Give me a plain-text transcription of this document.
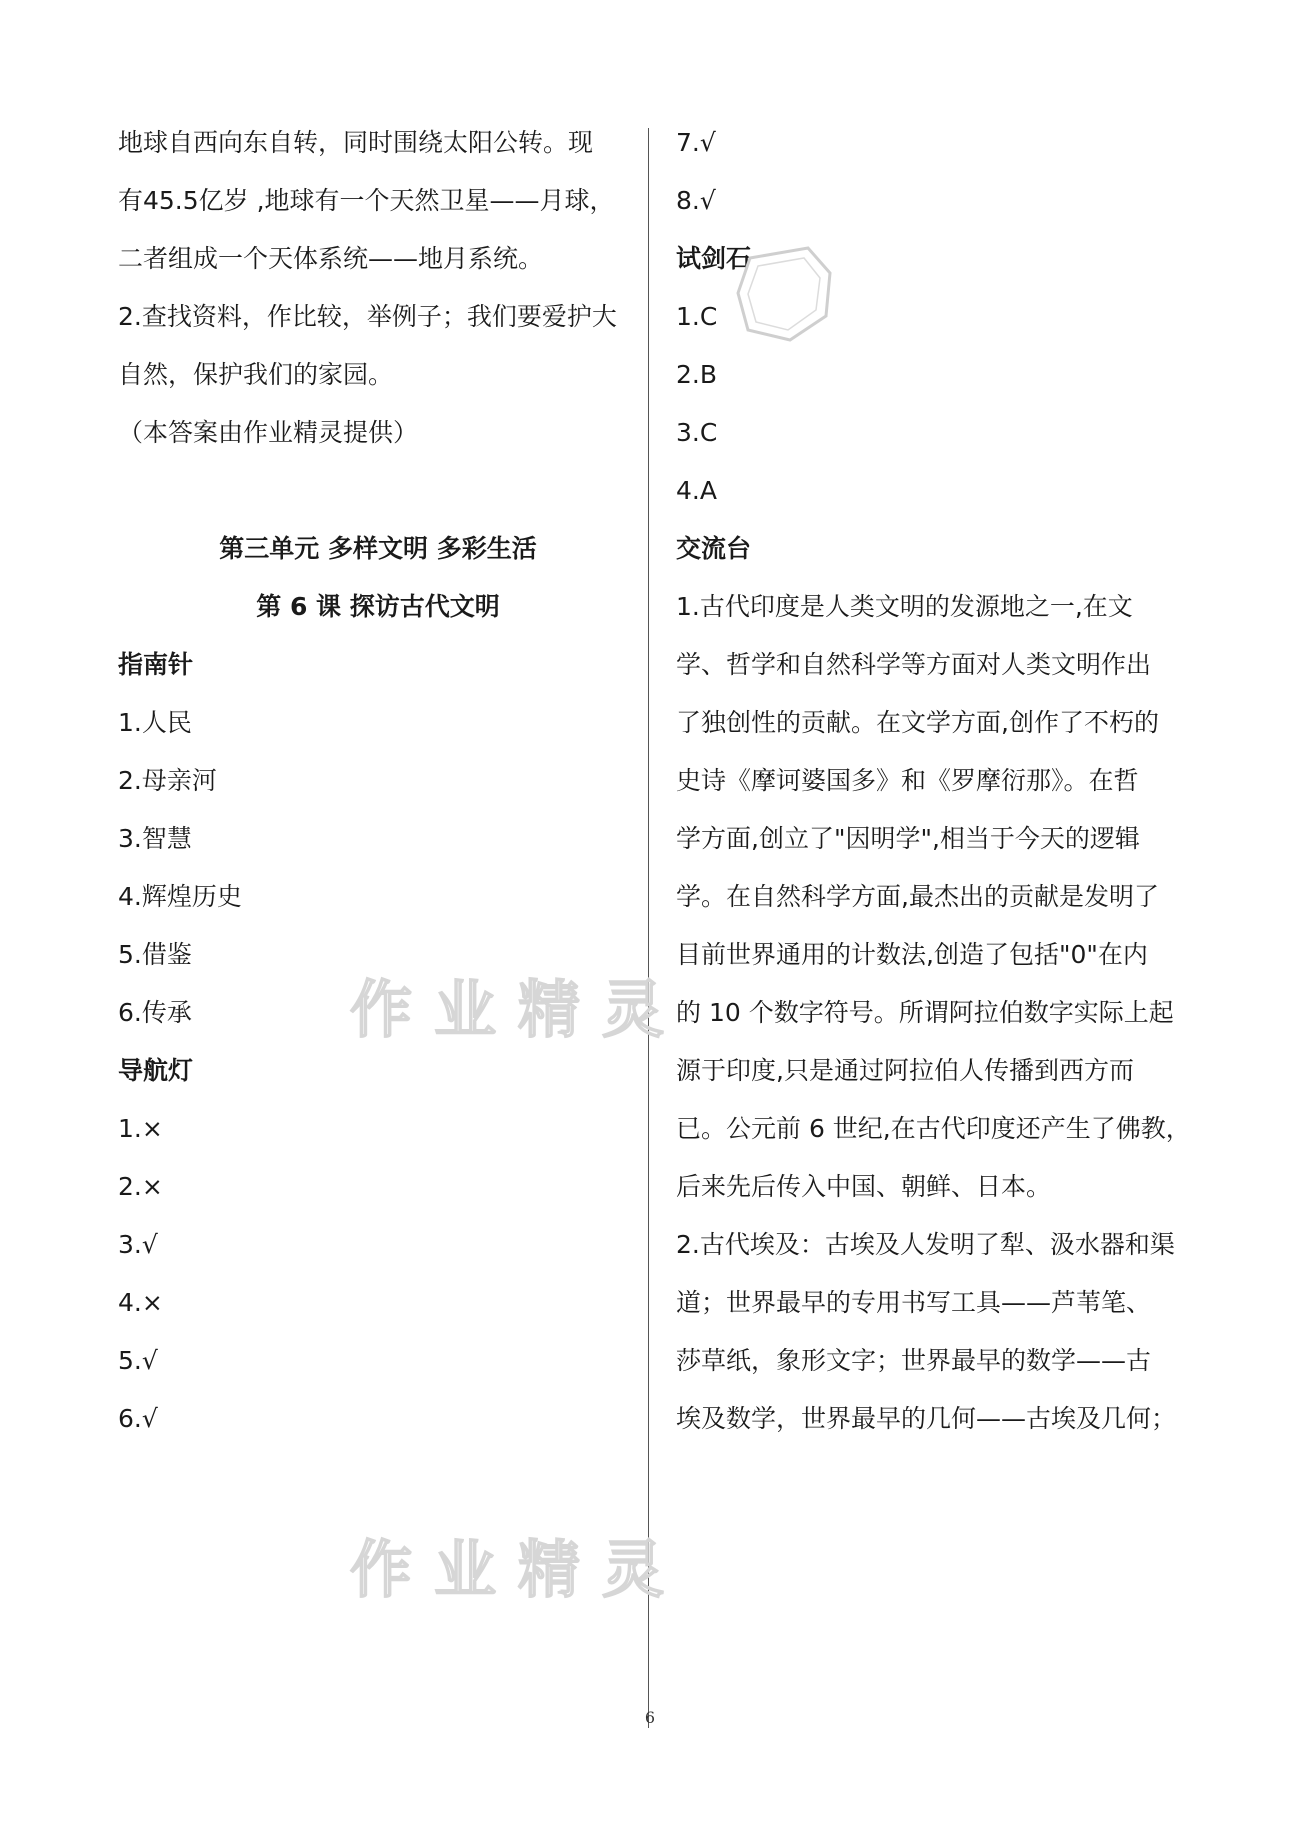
地球自西向东自转，同时围绕太阳公转。现
有45.5亿岁 ,地球有一个天然卫星——月球，
二者组成一个天体系统——地月系统。
2.查找资料，作比较，举例子；我们要爱护大
自然，保护我们的家园。
（本答案由作业精灵提供）
第三单元 多样文明 多彩生活
第 6 课 探访古代文明
指南针
1.人民
2.母亲河
3.智慧
4.辉煌历史
5.借鉴
6.传承
导航灯
1.×
2.×
3.√
4.×
5.√
6.√
7.√
8.√
试剑石
1.C
2.B
3.C
4.A
交流台
1.古代印度是人类文明的发源地之一,在文
学、哲学和自然科学等方面对人类文明作出
了独创性的贡献。在文学方面,创作了不朽的
史诗《摩诃婆国多》和《罗摩衍那》。在哲
学方面,创立了"因明学",相当于今天的逻辑
学。在自然科学方面,最杰出的贡献是发明了
目前世界通用的计数法,创造了包括"0"在内
的 10 个数字符号。所谓阿拉伯数字实际上起
源于印度,只是通过阿拉伯人传播到西方而
已。公元前 6 世纪,在古代印度还产生了佛教，
后来先后传入中国、朝鲜、日本。
2.古代埃及：古埃及人发明了犁、汲水器和渠
道；世界最早的专用书写工具——芦苇笔、
莎草纸，象形文字；世界最早的数学——古
埃及数学，世界最早的几何——古埃及几何；
作业精灵
作业精灵
6
